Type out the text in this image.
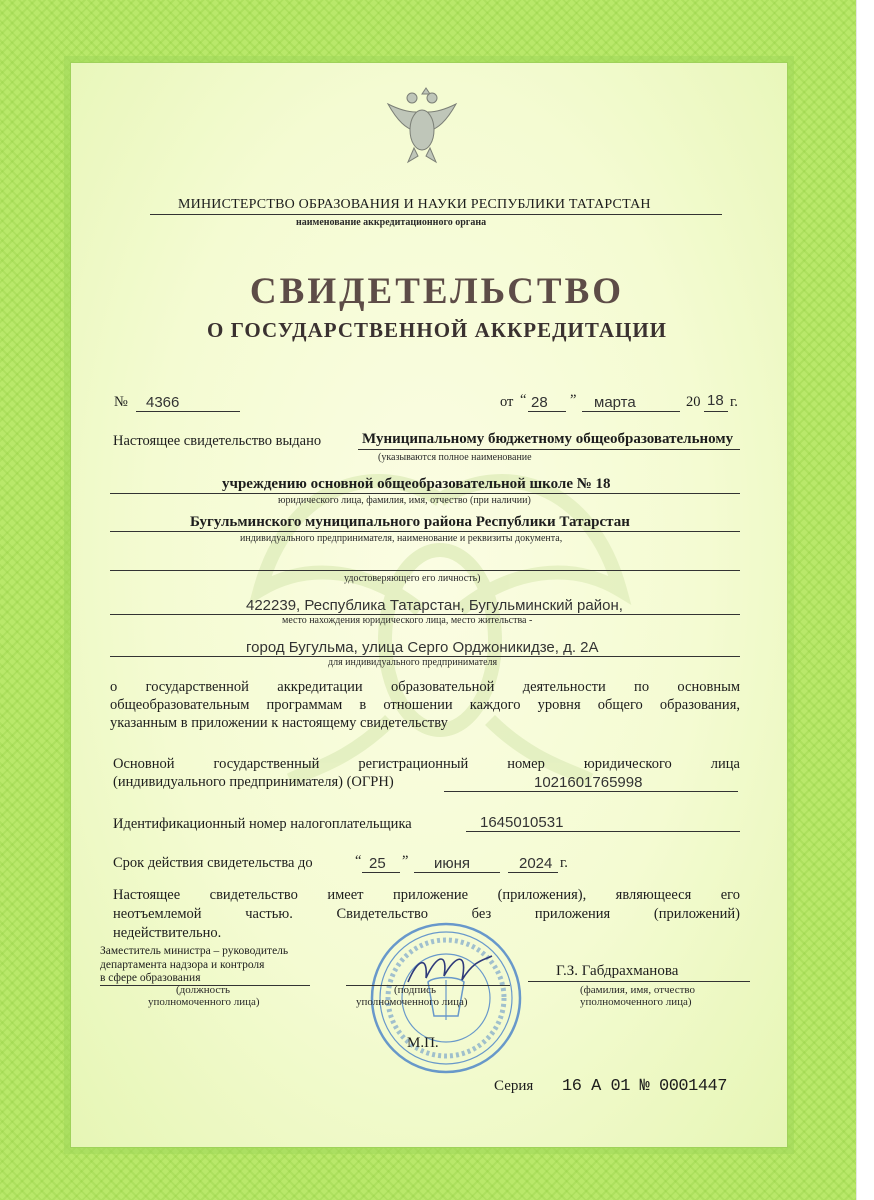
МИНИСТЕРСТВО ОБРАЗОВАНИЯ И НАУКИ РЕСПУБЛИКИ ТАТАРСТАН
наименование аккредитационного органа
СВИДЕТЕЛЬСТВО
О ГОСУДАРСТВЕННОЙ АККРЕДИТАЦИИ
№ 4366	от “ 28 ” марта	20 18 г.
Настоящее свидетельство выдано	Муниципальному бюджетному общеобразовательному
(указываются полное наименование
учреждению основной общеобразовательной школе № 18
юридического лица, фамилия, имя, отчество (при наличии)
Бугульминского муниципального района Республики Татарстан
индивидуального предпринимателя, наименование и реквизиты документа,
удостоверяющего его личность)
422239, Республика Татарстан, Бугульминский район,
место нахождения юридического лица, место жительства -
город Бугульма, улица Серго Орджоникидзе, д. 2А
для индивидуального предпринимателя
о государственной аккредитации образовательной деятельности по основным
общеобразовательным программам в отношении каждого уровня общего образования,
указанным в приложении к настоящему свидетельству
Основной государственный регистрационный номер юридического лица
(индивидуального предпринимателя) (ОГРН)	1021601765998
Идентификационный номер налогоплательщика	1645010531
Срок действия свидетельства до	“ 25 ” июня	2024 г.
Настоящее свидетельство имеет приложение (приложения), являющееся его
неотъемлемой частью. Свидетельство без приложения (приложений)
недействительно.
Заместитель министра – руководитель
департамента надзора и контроля
в сфере образования
(должность
уполномоченного лица)
(подпись
уполномоченного лица)
Г.З. Габдрахманова
(фамилия, имя, отчество
уполномоченного лица)
М.П.
Серия 16 А 01 № 0001447
